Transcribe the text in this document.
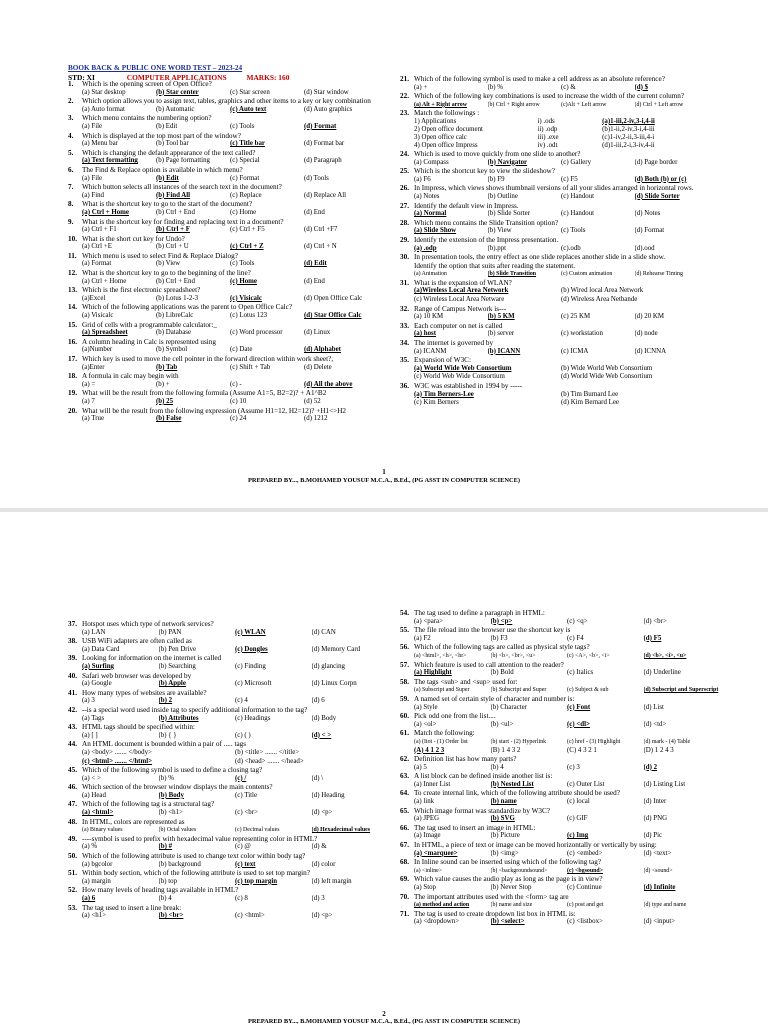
BOOK BACK & PUBLIC ONE WORD TEST – 2023-24
STD: XI	COMPUTER APPLICATIONS	MARKS: 160
1. Which is the opening screen of Open Office?
(a) Star desktop	(b) Star center	(c) Star screen	(d) Star window
2. Which option allows you to assign text, tables, graphics and other items to a key or key combination
(a) Auto format	(b) Automatic	(c) Auto text	(d) Auto graphics
3. Which menu contains the numbering option?
(a) File	(b) Edit	(c) Tools	(d) Format
4. Which is displayed at the top most part of the window?
(a) Menu bar	(b) Tool bar	(c) Title bar	(d) Format bar
5. Which is changing the default appearance of the text called?
(a) Text formatting	(b) Page formatting	(c) Special	(d) Paragraph
6. The Find & Replace option is available in which menu?
(a) File	(b) Edit	(c) Format	(d) Tools
7. Which button selects all instances of the search text in the document?
(a) Find	(b) Find All	(c) Replace	(d) Replace All
8. What is the shortcut key to go to the start of the document?
(a) Ctrl + Home	(b) Ctrl + End	(c) Home	(d) End
9. What is the shortcut key for finding and replacing text in a document?
(a) Ctrl + F1	(b) Ctrl + F	(c) Ctrl + F5	(d) Ctrl +F7
10. What is the short cut key for Undo?
(a) Ctrl +E	(b) Ctrl + U	(c) Ctrl + Z	(d) Ctrl + N
11. Which menu is used to select Find & Replace Dialog?
(a) Format	(b) View	(c) Tools	(d) Edit
12. What is the shortcut key to go to the beginning of the line?
(a) Ctrl + Home	(b) Ctrl + End	(c) Home	(d) End
13. Which is the first electronic spreadsheet?
(a)Excel	(b) Lotus 1-2-3	(c) Visicalc	(d) Open Office Calc
14. Which of the following applications was the parent to Open Office Calc?
(a) Visicalc	(b) LibreCalc	(c) Lotus 123	(d) Star Office Calc
15. Grid of cells with a programmable calculator:_
(a) Spreadsheet	(b) Database	(c) Word processor	(d) Linux
16. A column heading in Calc is represented using
(a)Number	(b) Symbol	(c) Date	(d) Alphabet
17. Which key is used to move the cell pointer in the forward direction within work sheet?,
(a)Enter	(b) Tab	(c) Shift + Tab	(d) Delete
18. A formula in calc may begin with
(a) =	(b) +	(c) -	(d) All the above
19. What will be the result from the following formula (Assume A1=5, B2=2)? + A1^B2
(a) 7	(b) 25	(c) 10	(d) 52
20. What will be the result from the following expression (Assume H1=12, H2=12)? +H1<>H2
(a) True	(b) False	(c) 24	(d) 1212
21. Which of the following symbol is used to make a cell address as an absolute reference?
(a) +	(b) %	(c) &	(d) $
22. Which of the following key combinations is used to increase the width of the current column?
(a) Alt + Right arrow	(b) Ctrl + Right arrow	(c)Alt + Left arrow	(d) Ctrl + Left arrow
23. Match the followings :
1) Applications	i) .ods	(a)1-iii,2-iv,3-i,4-ii
2) Open office document	ii) .odp	(b)1-ii,2-iv,3-i,4-iii
3) Open office calc	iii) .exe	(c)1-iv,2-ii,3-iii,4-i
4) Open office Impress	iv) .odt	(d)1-iii,2-i,3-iv,4-ii
24. Which is used to move quickly from one slide to another?
(a) Compass	(b) Navigator	(c) Gallery	(d) Page border
25. Which is the shortcut key to view the slideshow?
(a) F6	(b) F9	(c) F5	(d) Both (b) or (c)
26. In Impress, which views shows thumbnail versions of all your slides arranged in horizontal rows.
(a) Notes	(b) Outline	(c) Handout	(d) Slide Sorter
27. Identify the default view in Impress.
(a) Normal	(b) Slide Sorter	(c) Handout	(d) Notes
28. Which menu contains the Slide Transition option?
(a) Slide Show	(b) View	(c) Tools	(d) Format
29. Identify the extension of the Impress presentation.
(a) .odp	(b).ppt	(c).odb	(d).ood
30. In presentation tools, the entry effect as one slide replaces another slide in a slide show.
Identify the option that suits after reading the statement.
(a) Animation	(b) Slide Transition	(c) Custom animation	(d) Rehearse Timing
31. What is the expansion of WLAN?
(a)Wireless Local Area Network	(b) Wired local Area Network
(c) Wireless Local Area Netware	(d) Wireless Area Netbande
32. Range of Campus Network is---
(a) 10 KM	(b) 5 KM	(c) 25 KM	(d) 20 KM
33. Each computer on net is called
(a) host	(b) server	(c) workstation	(d) node
34. The internet is governed by
(a) ICANM	(b) ICANN	(c) ICMA	(d) ICNNA
35. Expansion of W3C:
(a) World Wide Web Consortium	(b) Wide World Web Consortium
(c) World Web Wide Consortium	(d) World Wide Web Consortium
36. W3C was established in 1994 by -----
(a) Tim Berners-Lee	(b) Tim Burnard Lee
(c) Kim Berners	(d) Kim Bernard Lee
1
PREPARED BY..., B.MOHAMED YOUSUF M.C.A., B.Ed., (PG ASST IN COMPUTER SCIENCE)
37. Hotspot uses which type of network services?
(a) LAN	(b) PAN	(c) WLAN	(d) CAN
38. USB WiFi adapters are often called as
(a) Data Card	(b) Pen Drive	(c) Dongles	(d) Memory Card
39. Looking for information on the internet is called
(a) Surfing	(b) Searching	(c) Finding	(d) glancing
40. Safari web browser was developed by
(a) Google	(b) Apple	(c) Microsoft	(d) Linux Corpn
41. How many types of websites are available?
(a) 3	(b) 2	(c) 4	(d) 6
42. --is a special word used inside tag to specify additional information to the tag?
(a) Tags	(b) Attributes	(c) Headings	(d) Body
43. HTML tags should be specified within:
(a) [ ]	(b) { }	(c) ( )	(d) < >
44. An HTML document is bounded within a pair of ..... tags
(a) <body> ....... </body>	(b) <title> ....... </title>
(c) <html> ....... </html>	(d) <head> ....... </head>
45. Which of the following symbol is used to define a closing tag?
(a) < >	(b) %	(c) /	(d) \
46. Which section of the browser window displays the main contents?
(a) Head	(b) Body	(c) Title	(d) Heading
47. Which of the following tag is a structural tag?
(a) <html>	(b) <h1>	(c) <br>	(d) <p>
48. In HTML, colors are represented as
(a) Binary values	(b) Octal values	(c) Decimal values	(d) Hexadecimal values
49. ----symbol is used to prefix with hexadecimal value representing color in HTML?
(a) %	(b) #	(c) @	(d) &
50. Which of the following attribute is used to change text color within body tag?
(a) bgcolor	(b) background	(c) text	(d) color
51. Within body section, which of the following attribute is used to set top margin?
(a) margin	(b) top	(c) top margin	(d) left margin
52. How many levels of heading tags available in HTML?
(a) 6	(b) 4	(c) 8	(d) 3
53. The tag used to insert a line break:
(a) <h1>	(b) <br>	(c) <html>	(d) <p>
54. The tag used to define a paragraph in HTML:
(a) <para>	(b) <p>	(c) <q>	(d) <br>
55. The file reload into the browser use the shortcut key is
(a) F2	(b) F3	(c) F4	(d) F5
56. Which of the following tags are called as physical style tags?
(a) <html>, <h>, <hr>	(b) <b>, <br>, <u>	(c) <A>, <b>, <i>	(d) <b>, <i>, <u>
57. Which feature is used to call attention to the reader?
(a) Highlight	(b) Bold	(c) Italics	(d) Underline
58. The tags <sub> and <sup> used for:
(a) Subscript and Super	(b) Subscript and Super	(c) Subject & sub	(d) Subscript and Superscript
59. A named set of certain style of character and number is:
(a) Style	(b) Character	(c) Font	(d) List
60. Pick odd one from the list....
(a) <ol>	(b) <ul>	(c) <dl>	(d) <td>
61. Match the following:
(a) (Itot - (1) Order list	(b) start - (2) Hyperlink	(c) href - (3) Highlight	(d) mark - (4) Table
(A) 4 1 2 3	(B) 1 4 3 2	(C) 4 3 2 1	(D) 1 2 4 3
62. Definition list has how many parts?
(a) 5	(b) 4	(c) 3	(d) 2
63. A list block can be defined inside another list is:
(a) Inner List	(b) Nested List	(c) Outer List	(d) Listing List
64. To create internal link, which of the following attribute should be used?
(a) link	(b) name	(c) local	(d) Inter
65. Which image format was standardize by W3C?
(a) JPEG	(b) SVG	(c) GIF	(d) PNG
66. The tag used to insert an image in HTML:
(a) Image	(b) Picture	(c) Img	(d) Pic
67. In HTML, a piece of text or image can be moved horizontally or vertically by using:
(a) <marquee>	(b) <img>	(c) <embed>	(d) <text>
68. In Inline sound can be inserted using which of the following tag?
(a) <inline>	(b) <backgroundsound>	(c) <bgsound>	(d) <sound>
69. Which value causes the audio play as long as the page is in view?
(a) Stop	(b) Never Stop	(c) Continue	(d) Infinite
70. The important attributes used with the <form> tag are
(a) method and action	(b) name and size	(c) post and get	(d) type and name
71. The tag is used to create dropdown list box in HTML is:
(a) <dropdown>	(b) <select>	(c) <listbox>	(d) <input>
2
PREPARED BY..., B.MOHAMED YOUSUF M.C.A., B.Ed., (PG ASST IN COMPUTER SCIENCE)
